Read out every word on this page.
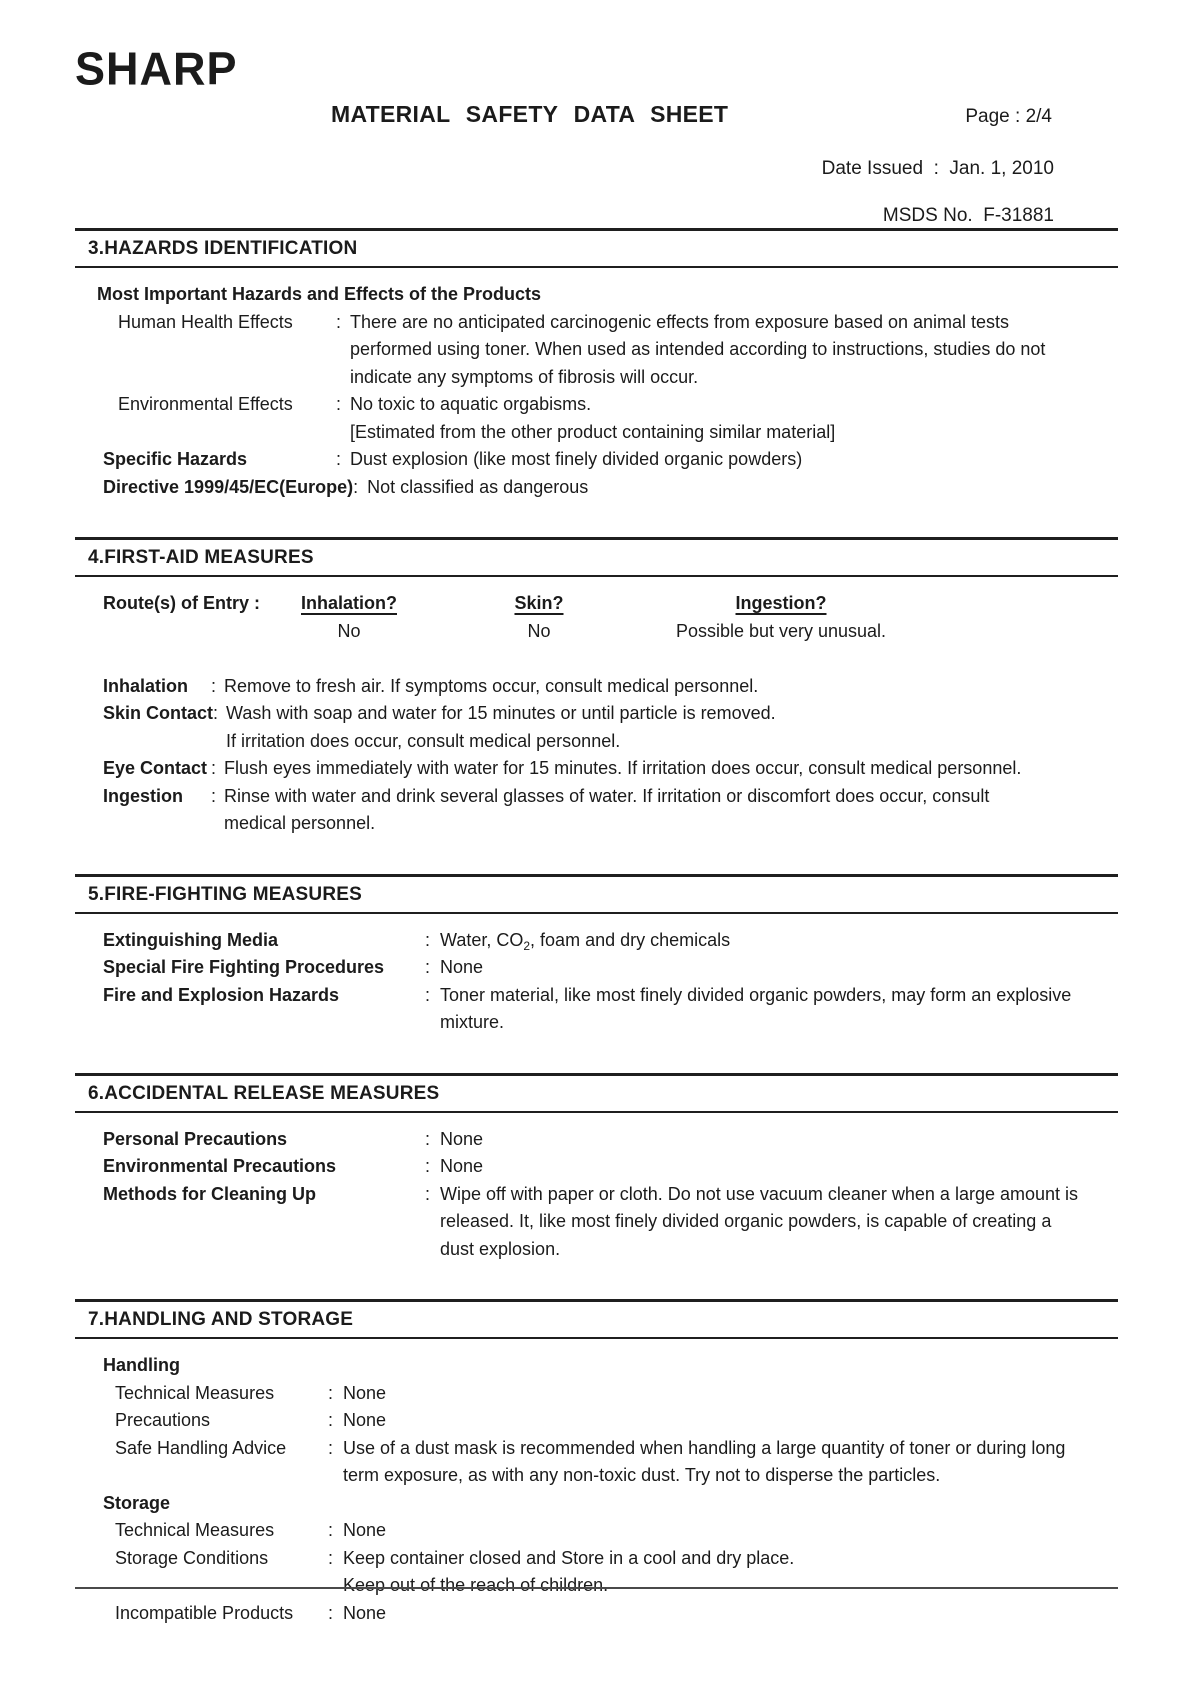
SHARP
MATERIAL SAFETY DATA SHEET	Page : 2/4
Date Issued  :  Jan. 1, 2010
MSDS No.  F-31881
3.HAZARDS IDENTIFICATION
Most Important Hazards and Effects of the Products
Human Health Effects	: There are no anticipated carcinogenic effects from exposure based on animal tests
performed using toner. When used as intended according to instructions, studies do not
indicate any symptoms of fibrosis will occur.
Environmental Effects	: No toxic to aquatic orgabisms.
[Estimated from the other product containing similar material]
Specific Hazards	: Dust explosion (like most finely divided organic powders)
Directive 1999/45/EC(Europe) : Not classified as dangerous
4.FIRST-AID MEASURES
Route(s) of Entry :	Inhalation?	Skin?	Ingestion?
No	No	Possible but very unusual.
Inhalation	: Remove to fresh air. If symptoms occur, consult medical personnel.
Skin Contact : Wash with soap and water for 15 minutes or until particle is removed.
If irritation does occur, consult medical personnel.
Eye Contact : Flush eyes immediately with water for 15 minutes. If irritation does occur, consult medical personnel.
Ingestion	: Rinse with water and drink several glasses of water. If irritation or discomfort does occur, consult
medical personnel.
5.FIRE-FIGHTING MEASURES
Extinguishing Media	: Water, $CO_2$, foam and dry chemicals
Special Fire Fighting Procedures	: None
Fire and Explosion Hazards	: Toner material, like most finely divided organic powders, may form an explosive
mixture.
6.ACCIDENTAL RELEASE MEASURES
Personal Precautions	: None
Environmental Precautions	: None
Methods for Cleaning Up	: Wipe off with paper or cloth. Do not use vacuum cleaner when a large amount is
released. It, like most finely divided organic powders, is capable of creating a
dust explosion.
7.HANDLING AND STORAGE
Handling
Technical Measures	: None
Precautions	: None
Safe Handling Advice	: Use of a dust mask is recommended when handling a large quantity of toner or during long
term exposure, as with any non-toxic dust. Try not to disperse the particles.
Storage
Technical Measures	: None
Storage Conditions	: Keep container closed and Store in a cool and dry place.
Keep out of the reach of children.
Incompatible Products	: None
